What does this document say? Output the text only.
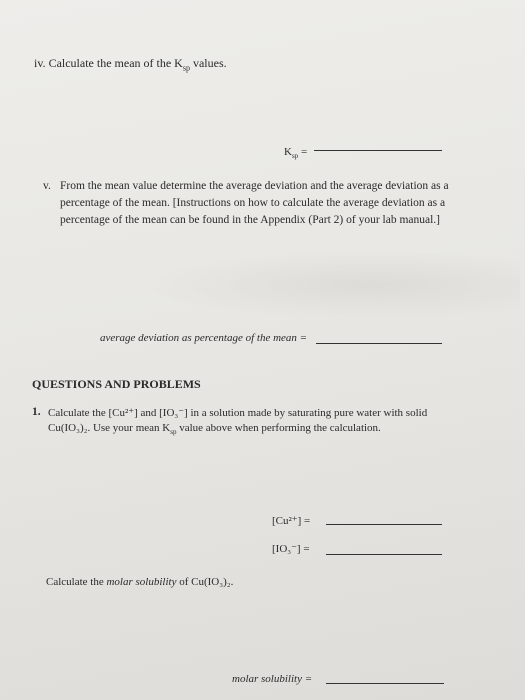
iv. Calculate the mean of the $K_{sp}$ values.
$K_{sp}$ =
v. From the mean value determine the average deviation and the average deviation as a
percentage of the mean. [Instructions on how to calculate the average deviation as a
percentage of the mean can be found in the Appendix (Part 2) of your lab manual.]
average deviation as percentage of the mean =
QUESTIONS AND PROBLEMS
1. Calculate the [Cu²⁺] and [IO₃⁻] in a solution made by saturating pure water with solid
Cu(IO₃)₂. Use your mean $K_{sp}$ value above when performing the calculation.
[Cu²⁺] =
[IO₃⁻] =
Calculate the molar solubility of Cu(IO₃)₂.
molar solubility =
